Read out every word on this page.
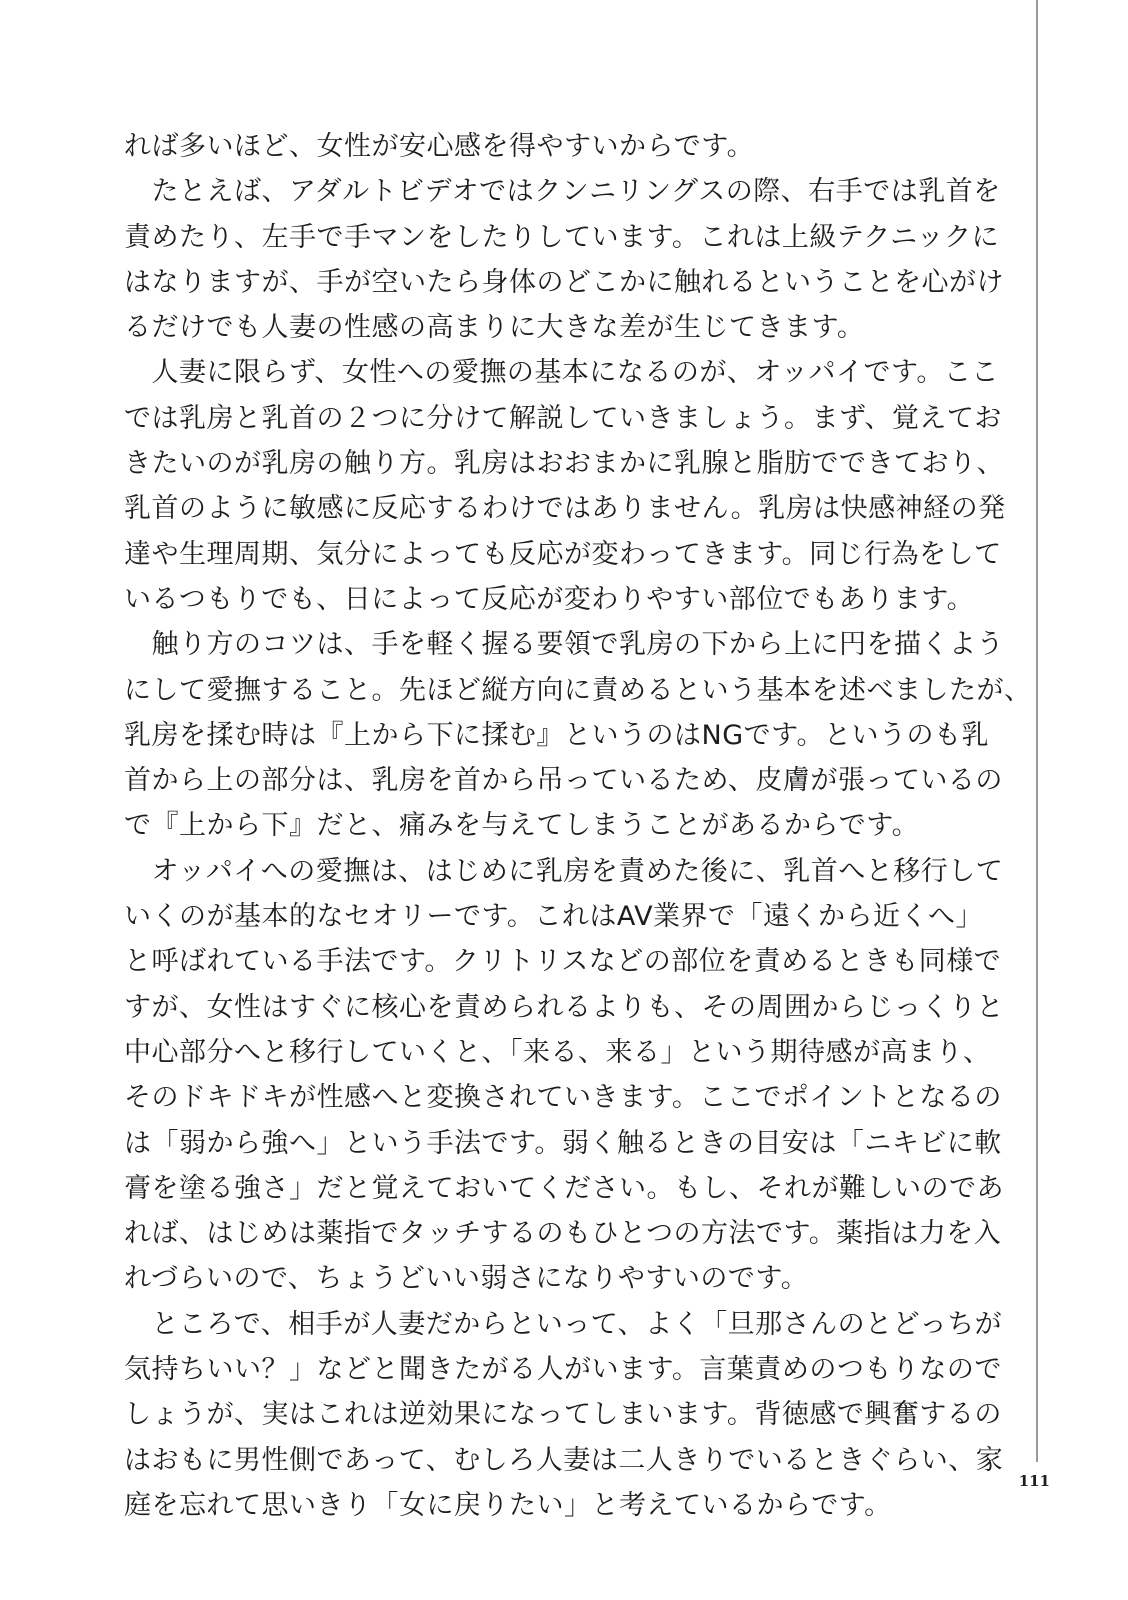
れば多いほど、女性が安心感を得やすいからです。
　たとえば、アダルトビデオではクンニリングスの際、右手では乳首を
責めたり、左手で手マンをしたりしています。これは上級テクニックに
はなりますが、手が空いたら身体のどこかに触れるということを心がけ
るだけでも人妻の性感の高まりに大きな差が生じてきます。
　人妻に限らず、女性への愛撫の基本になるのが、オッパイです。ここ
では乳房と乳首の２つに分けて解説していきましょう。まず、覚えてお
きたいのが乳房の触り方。乳房はおおまかに乳腺と脂肪でできており、
乳首のように敏感に反応するわけではありません。乳房は快感神経の発
達や生理周期、気分によっても反応が変わってきます。同じ行為をして
いるつもりでも、日によって反応が変わりやすい部位でもあります。
　触り方のコツは、手を軽く握る要領で乳房の下から上に円を描くよう
にして愛撫すること。先ほど縦方向に責めるという基本を述べましたが、
乳房を揉む時は『上から下に揉む』というのはNGです。というのも乳
首から上の部分は、乳房を首から吊っているため、皮膚が張っているの
で『上から下』だと、痛みを与えてしまうことがあるからです。
　オッパイへの愛撫は、はじめに乳房を責めた後に、乳首へと移行して
いくのが基本的なセオリーです。これはAV業界で「遠くから近くへ」
と呼ばれている手法です。クリトリスなどの部位を責めるときも同様で
すが、女性はすぐに核心を責められるよりも、その周囲からじっくりと
中心部分へと移行していくと、「来る、来る」という期待感が高まり、
そのドキドキが性感へと変換されていきます。ここでポイントとなるの
は「弱から強へ」という手法です。弱く触るときの目安は「ニキビに軟
膏を塗る強さ」だと覚えておいてください。もし、それが難しいのであ
れば、はじめは薬指でタッチするのもひとつの方法です。薬指は力を入
れづらいので、ちょうどいい弱さになりやすいのです。
　ところで、相手が人妻だからといって、よく「旦那さんのとどっちが
気持ちいい？」などと聞きたがる人がいます。言葉責めのつもりなので
しょうが、実はこれは逆効果になってしまいます。背徳感で興奮するの
はおもに男性側であって、むしろ人妻は二人きりでいるときぐらい、家
庭を忘れて思いきり「女に戻りたい」と考えているからです。
111
